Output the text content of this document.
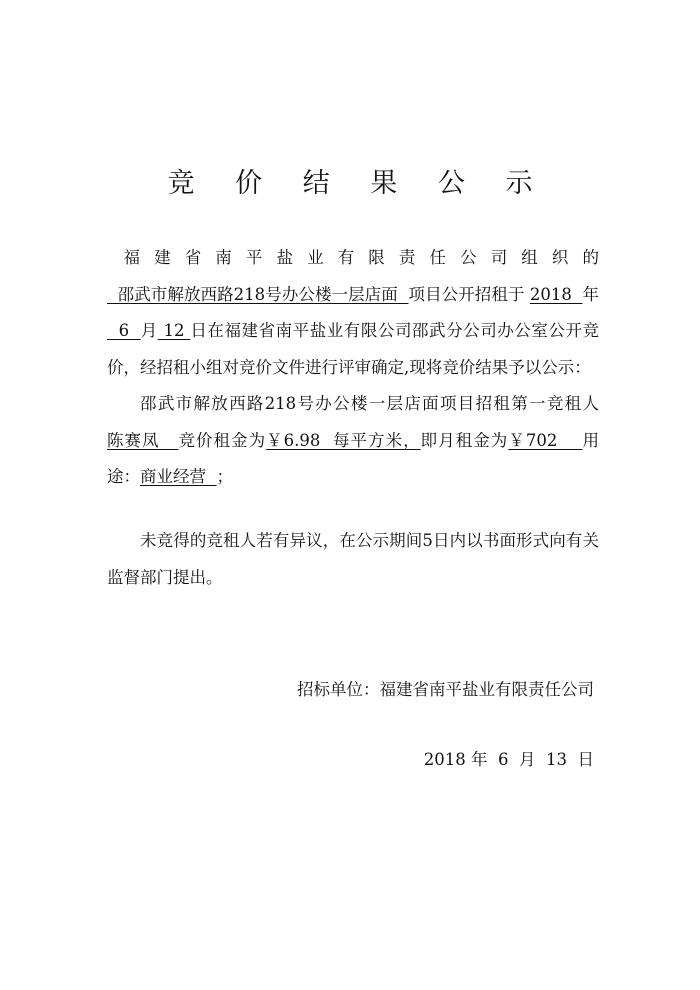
竞 价 结 果 公 示

福建省南平盐业有限责任公司组织的  邵武市解放西路218号办公楼一层店面  项目公开招租于 2018  年  6  月 12 日在福建省南平盐业有限公司邵武分公司办公室公开竞价，经招租小组对竞价文件进行评审确定,现将竞价结果予以公示：

邵武市解放西路218号办公楼一层店面项目招租第一竞租人陈赛凤   竞价租金为￥6.98  每平方米，即月租金为￥702    用途：商业经营  ；

未竞得的竞租人若有异议，在公示期间5日内以书面形式向有关监督部门提出。

招标单位：福建省南平盐业有限责任公司
2018 年  6  月  13  日
